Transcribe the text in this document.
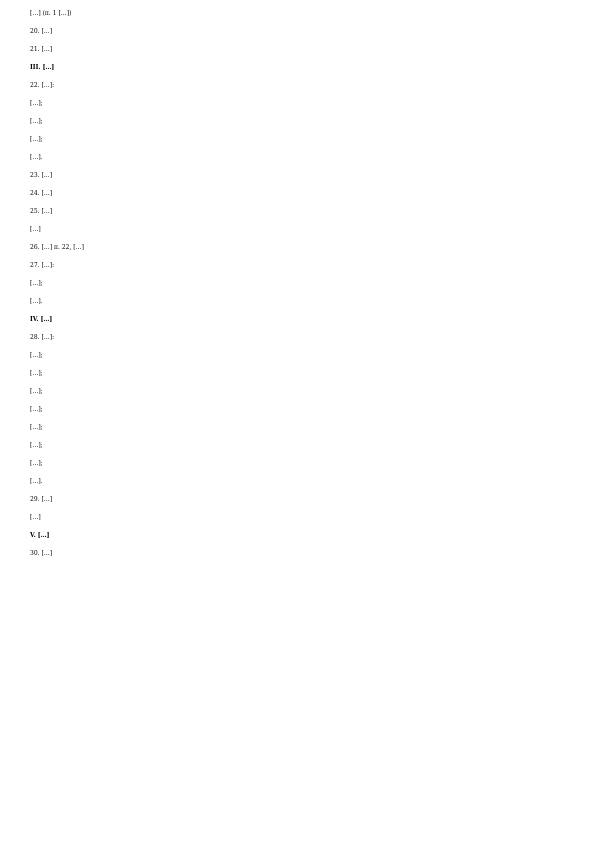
[…] (п. 1 […])
20. […]
21. […]
III. […]
22. […]:
[…];
[…];
[…];
[…].
23. […]
24. […]
25. […]
[…]
26. […] п. 22, […]
27. […]:
[…];
[…].
IV. […]
28. […]:
[…];
[…];
[…];
[…];
[…];
[…];
[…];
[…].
29. […]
[…]
V. […]
30. […]
